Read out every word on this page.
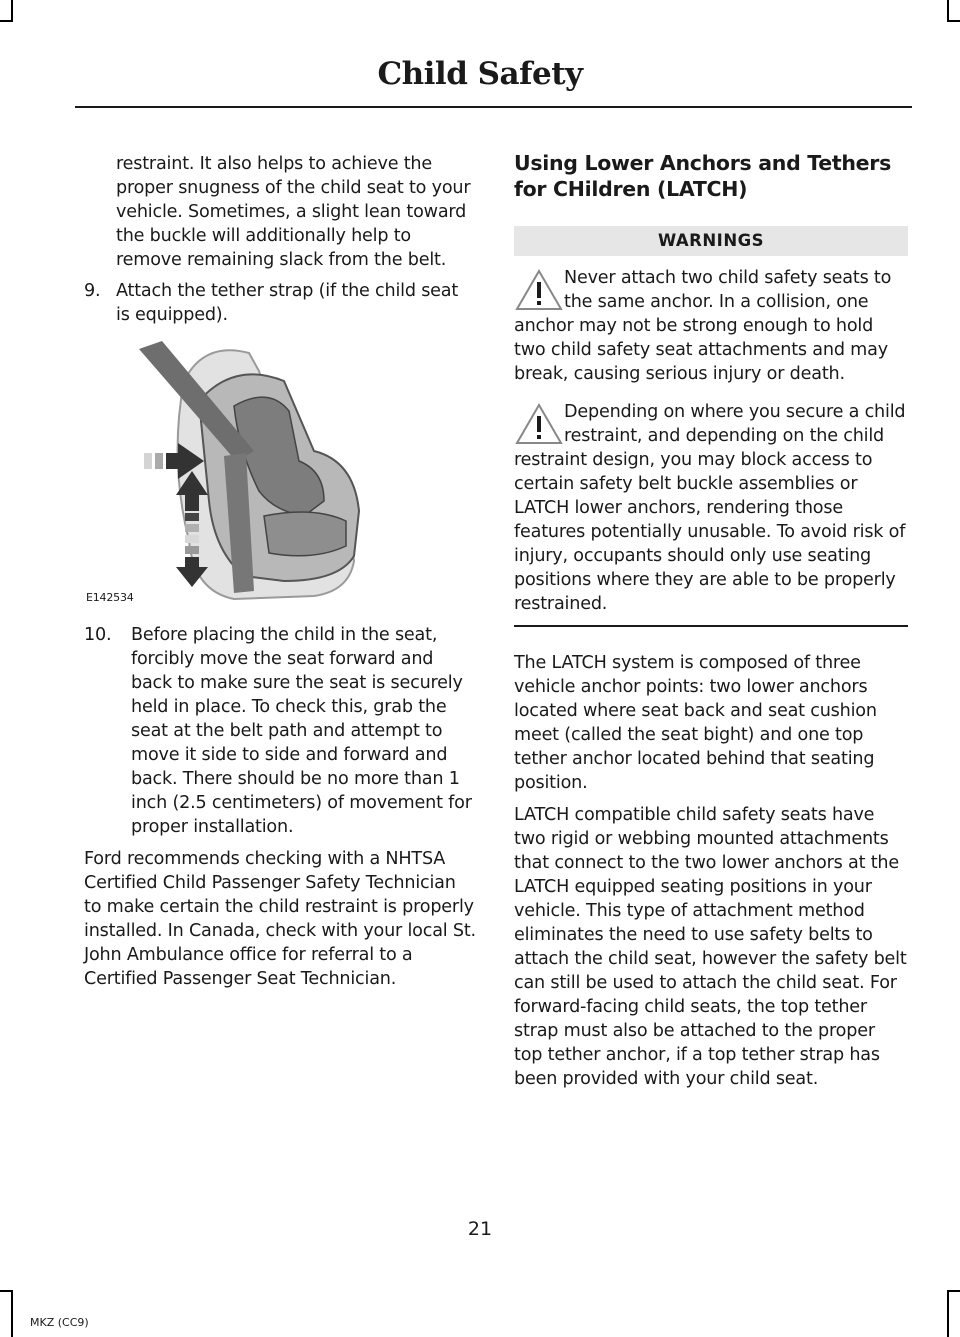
Child Safety

restraint. It also helps to achieve the proper snugness of the child seat to your vehicle. Sometimes, a slight lean toward the buckle will additionally help to remove remaining slack from the belt.

9. Attach the tether strap (if the child seat is equipped).
E142534
10.	Before placing the child in the seat, forcibly move the seat forward and back to make sure the seat is securely held in place. To check this, grab the seat at the belt path and attempt to move it side to side and forward and back. There should be no more than 1 inch (2.5 centimeters) of movement for proper installation.

Ford recommends checking with a NHTSA Certified Child Passenger Safety Technician to make certain the child restraint is properly installed. In Canada, check with your local St. John Ambulance office for referral to a Certified Passenger Seat Technician.

Using Lower Anchors and Tethers for CHildren (LATCH)
WARNINGS

Never attach two child safety seats to the same anchor. In a collision, one anchor may not be strong enough to hold two child safety seat attachments and may break, causing serious injury or death.

Depending on where you secure a child restraint, and depending on the child restraint design, you may block access to certain safety belt buckle assemblies or LATCH lower anchors, rendering those features potentially unusable. To avoid risk of injury, occupants should only use seating positions where they are able to be properly restrained.

The LATCH system is composed of three vehicle anchor points: two lower anchors located where seat back and seat cushion meet (called the seat bight) and one top tether anchor located behind that seating position.

LATCH compatible child safety seats have two rigid or webbing mounted attachments that connect to the two lower anchors at the LATCH equipped seating positions in your vehicle. This type of attachment method eliminates the need to use safety belts to attach the child seat, however the safety belt can still be used to attach the child seat. For forward-facing child seats, the top tether strap must also be attached to the proper top tether anchor, if a top tether strap has been provided with your child seat.

21
MKZ (CC9)
